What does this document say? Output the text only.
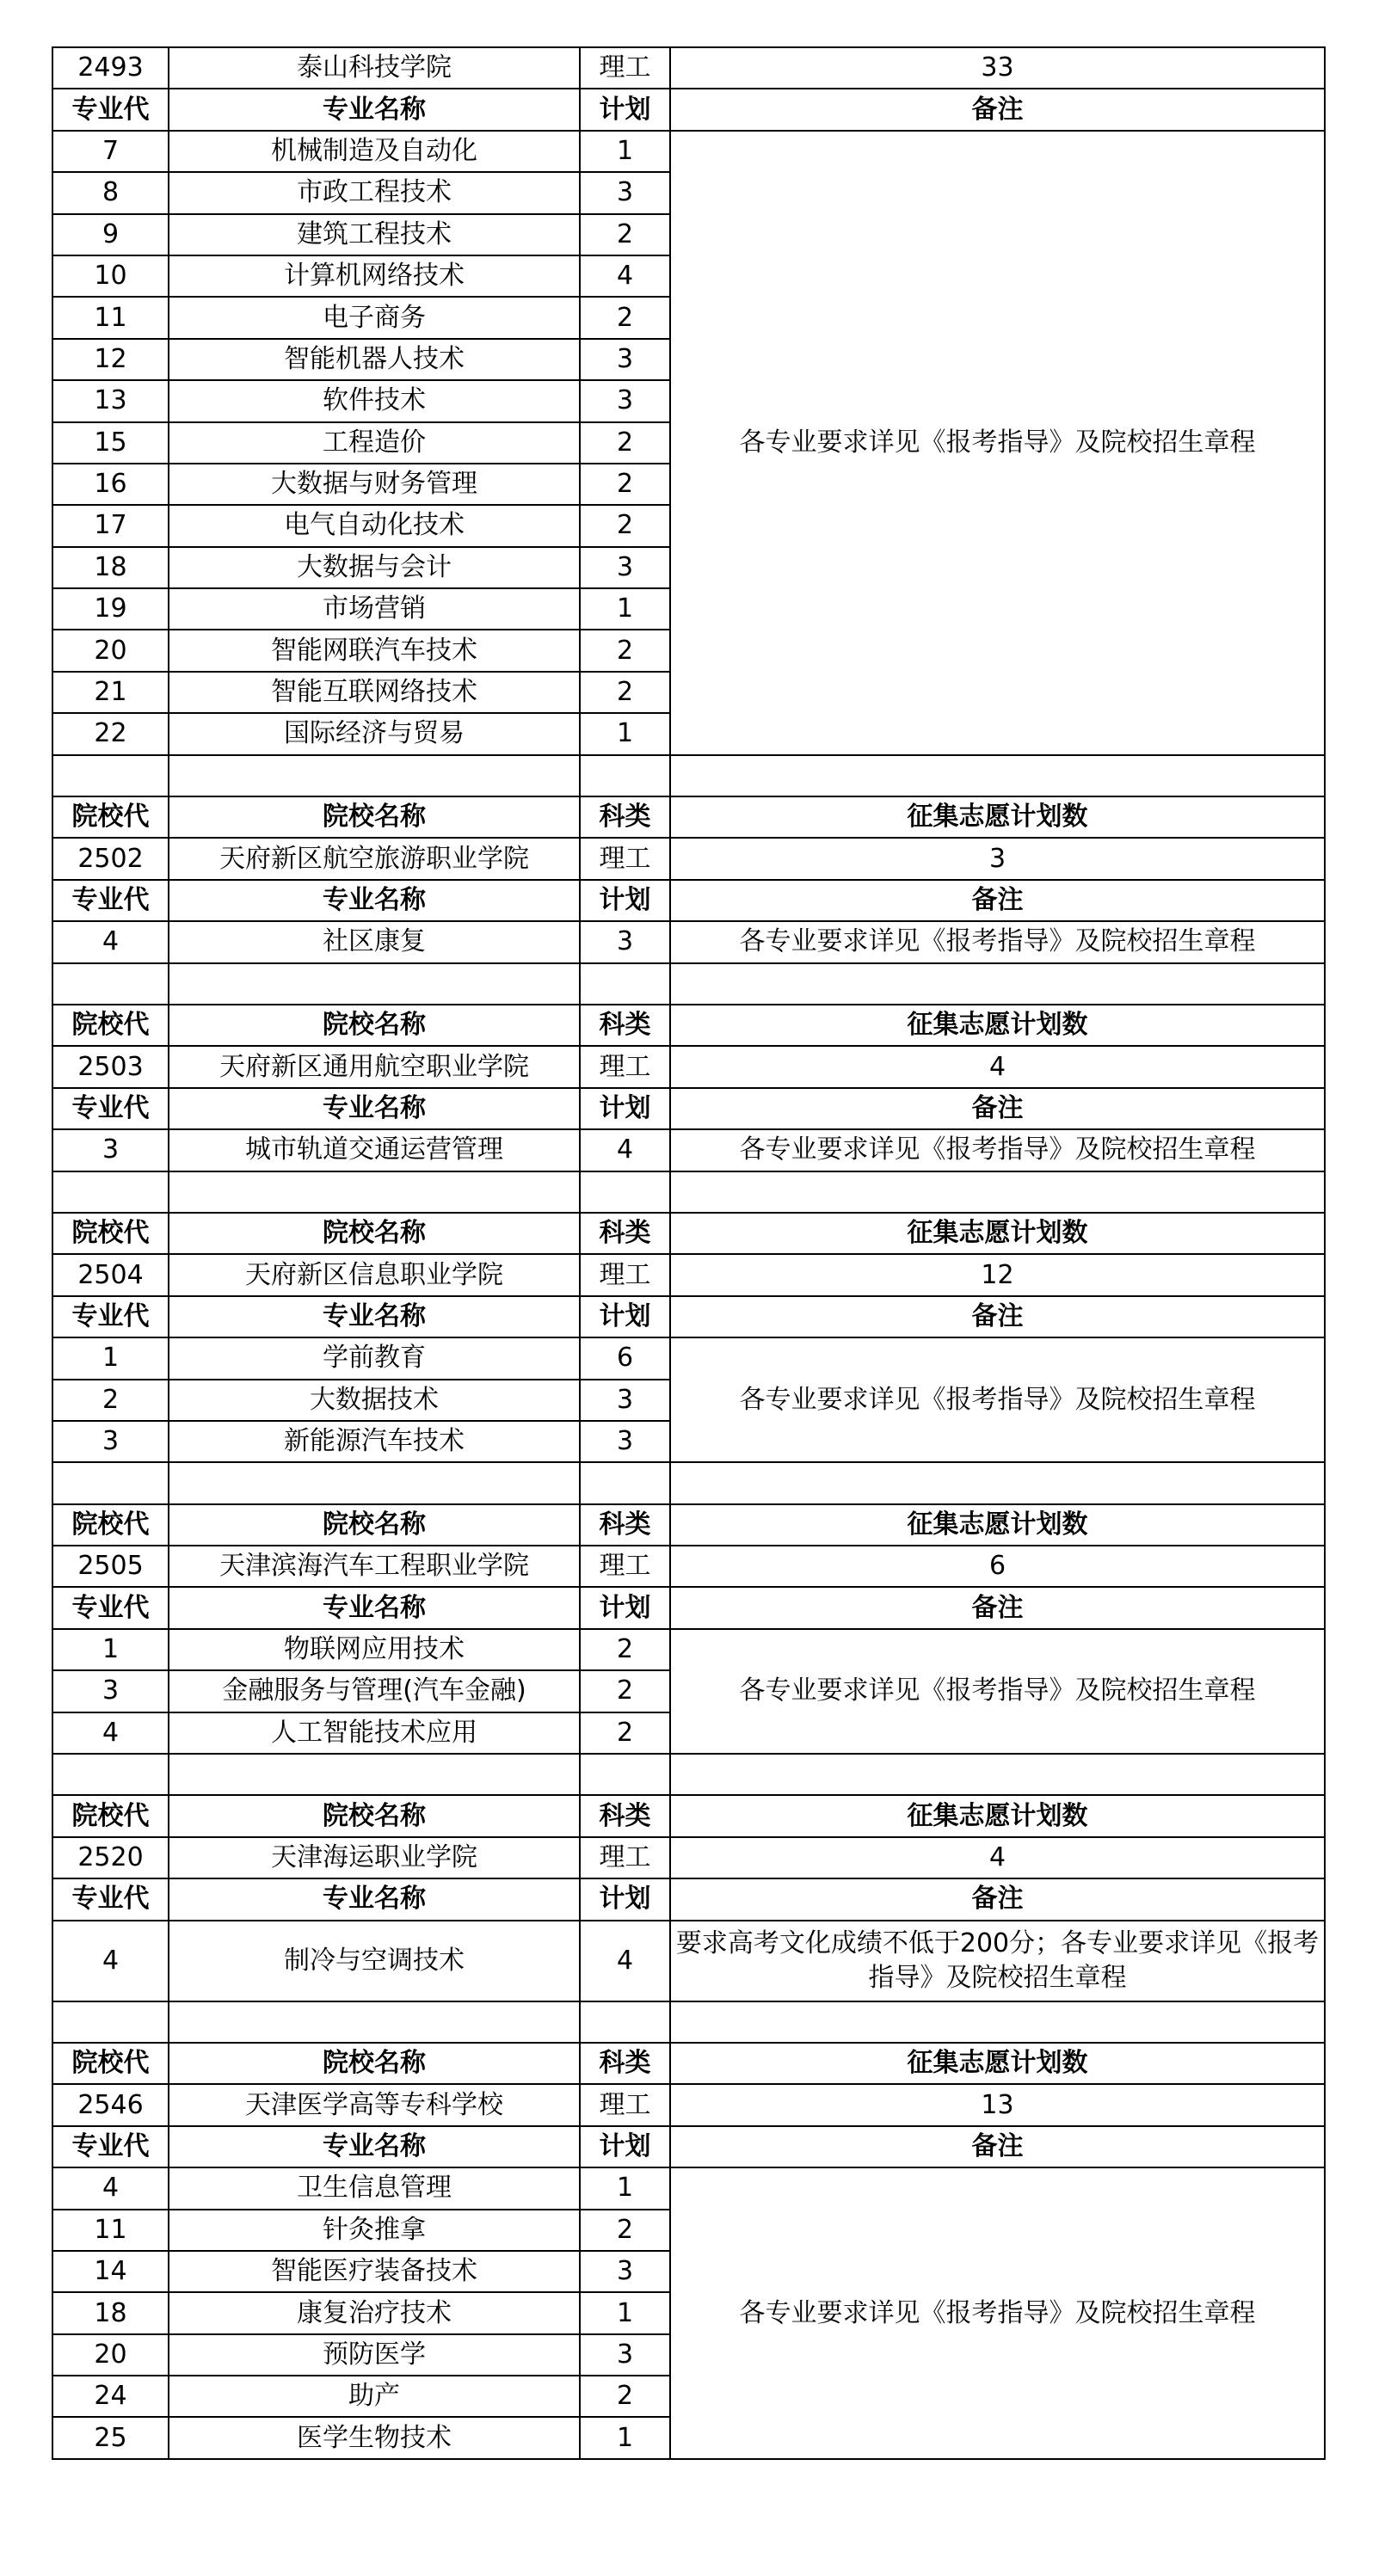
2493	泰山科技学院	理工	33
专业代	专业名称	计划	备注
7	机械制造及自动化	1	各专业要求详见《报考指导》及院校招生章程
8	市政工程技术	3	
9	建筑工程技术	2	
10	计算机网络技术	4	
11	电子商务	2	
12	智能机器人技术	3	
13	软件技术	3	
15	工程造价	2	
16	大数据与财务管理	2	
17	电气自动化技术	2	
18	大数据与会计	3	
19	市场营销	1	
20	智能网联汽车技术	2	
21	智能互联网络技术	2	
22	国际经济与贸易	1	

院校代	院校名称	科类	征集志愿计划数
2502	天府新区航空旅游职业学院	理工	3
专业代	专业名称	计划	备注
4	社区康复	3	各专业要求详见《报考指导》及院校招生章程

院校代	院校名称	科类	征集志愿计划数
2503	天府新区通用航空职业学院	理工	4
专业代	专业名称	计划	备注
3	城市轨道交通运营管理	4	各专业要求详见《报考指导》及院校招生章程

院校代	院校名称	科类	征集志愿计划数
2504	天府新区信息职业学院	理工	12
专业代	专业名称	计划	备注
1	学前教育	6	各专业要求详见《报考指导》及院校招生章程
2	大数据技术	3	
3	新能源汽车技术	3	

院校代	院校名称	科类	征集志愿计划数
2505	天津滨海汽车工程职业学院	理工	6
专业代	专业名称	计划	备注
1	物联网应用技术	2	各专业要求详见《报考指导》及院校招生章程
3	金融服务与管理(汽车金融)	2	
4	人工智能技术应用	2	

院校代	院校名称	科类	征集志愿计划数
2520	天津海运职业学院	理工	4
专业代	专业名称	计划	备注
4	制冷与空调技术	4	要求高考文化成绩不低于200分；各专业要求详见《报考指导》及院校招生章程

院校代	院校名称	科类	征集志愿计划数
2546	天津医学高等专科学校	理工	13
专业代	专业名称	计划	备注
4	卫生信息管理	1	各专业要求详见《报考指导》及院校招生章程
11	针灸推拿	2	
14	智能医疗装备技术	3	
18	康复治疗技术	1	
20	预防医学	3	
24	助产	2	
25	医学生物技术	1	
